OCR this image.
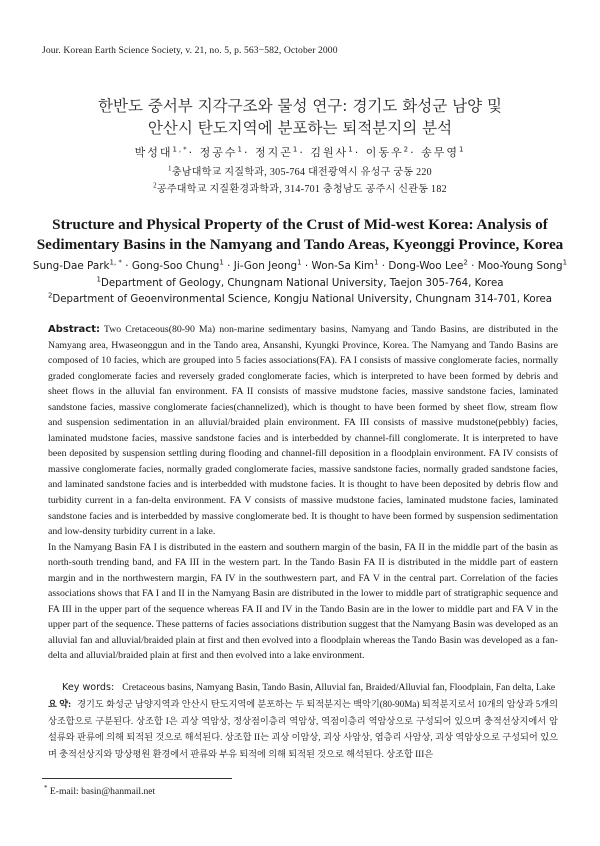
Jour. Korean Earth Science Society, v. 21, no. 5, p. 563−582, October 2000
한반도 중서부 지각구조와 물성 연구: 경기도 화성군 남양 및
안산시 탄도지역에 분포하는 퇴적분지의 분석
박성대$^{1,*}$· 정공수$^1$· 정지곤$^1$· 김원사$^1$· 이동우$^2$· 송무영$^1$
$^1$충남대학교 지질학과, 305-764 대전광역시 유성구 궁동 220
$^2$공주대학교 지질환경과학과, 314-701 충청남도 공주시 신관동 182
Structure and Physical Property of the Crust of Mid-west Korea: Analysis of
Sedimentary Basins in the Namyang and Tando Areas, Kyeonggi Province, Korea
Sung-Dae Park$^{1, *}$ · Gong-Soo Chung$^1$ · Ji-Gon Jeong$^1$ · Won-Sa Kim$^1$ · Dong-Woo Lee$^2$ · Moo-Young Song$^1$
$^1$Department of Geology, Chungnam National University, Taejon 305-764, Korea
$^2$Department of Geoenvironmental Science, Kongju National University, Chungnam 314-701, Korea

Abstract: Two Cretaceous(80-90 Ma) non-marine sedimentary basins, Namyang and Tando Basins, are distributed in the Namyang area, Hwaseonggun and in the Tando area, Ansanshi, Kyungki Province, Korea. The Namyang and Tando Basins are composed of 10 facies, which are grouped into 5 facies associations(FA). FA I consists of massive conglomerate facies, normally graded conglomerate facies and reversely graded conglomerate facies, which is interpreted to have been formed by debris and sheet flows in the alluvial fan environment. FA II consists of massive mudstone facies, massive sandstone facies, laminated sandstone facies, massive conglomerate facies(channelized), which is thought to have been formed by sheet flow, stream flow and suspension sedimentation in an alluvial/braided plain environment. FA III consists of massive mudstone(pebbly) facies, laminated mudstone facies, massive sandstone facies and is interbedded by channel-fill conglomerate. It is interpreted to have been deposited by suspension settling during flooding and channel-fill deposition in a floodplain environment. FA IV consists of massive conglomerate facies, normally graded conglomerate facies, massive sandstone facies, normally graded sandstone facies, and laminated sandstone facies and is interbedded with mudstone facies. It is thought to have been deposited by debris flow and turbidity current in a fan-delta environment. FA V consists of massive mudstone facies, laminated mudstone facies, laminated sandstone facies and is interbedded by massive conglomerate bed. It is thought to have been formed by suspension sedimentation and low-density turbidity current in a lake.

In the Namyang Basin FA I is distributed in the eastern and southern margin of the basin, FA II in the middle part of the basin as north-south trending band, and FA III in the western part. In the Tando Basin FA II is distributed in the middle part of eastern margin and in the northwestern margin, FA IV in the southwestern part, and FA V in the central part. Correlation of the facies associations shows that FA I and II in the Namyang Basin are distributed in the lower to middle part of stratigraphic sequence and FA III in the upper part of the sequence whereas FA II and IV in the Tando Basin are in the lower to middle part and FA V in the upper part of the sequence. These patterns of facies associations distribution suggest that the Namyang Basin was developed as an alluvial fan and alluvial/braided plain at first and then evolved into a floodplain whereas the Tando Basin was developed as a fan-delta and alluvial/braided plain at first and then evolved into a lake environment.

Key words: Cretaceous basins, Namyang Basin, Tando Basin, Alluvial fan, Braided/Alluvial fan, Floodplain, Fan delta, Lake
요 약: 경기도 화성군 남양지역과 안산시 탄도지역에 분포하는 두 퇴적분지는 백악기(80-90Ma) 퇴적분지로서 10개의 암상과 5개의 상조합으로 구분된다. 상조합 I은 괴상 역암상, 정상점이층리 역암상, 역점이층리 역암상으로 구성되어 있으며 충적선상지에서 암설류와 판류에 의해 퇴적된 것으로 해석된다. 상조합 II는 괴상 이암상, 괴상 사암상, 엽층리 사암상, 괴상 역암상으로 구성되어 있으며 충적선상지와 망상평원 환경에서 판류와 부유 퇴적에 의해 퇴적된 것으로 해석된다. 상조합 III은
* E-mail: basin@hanmail.net
